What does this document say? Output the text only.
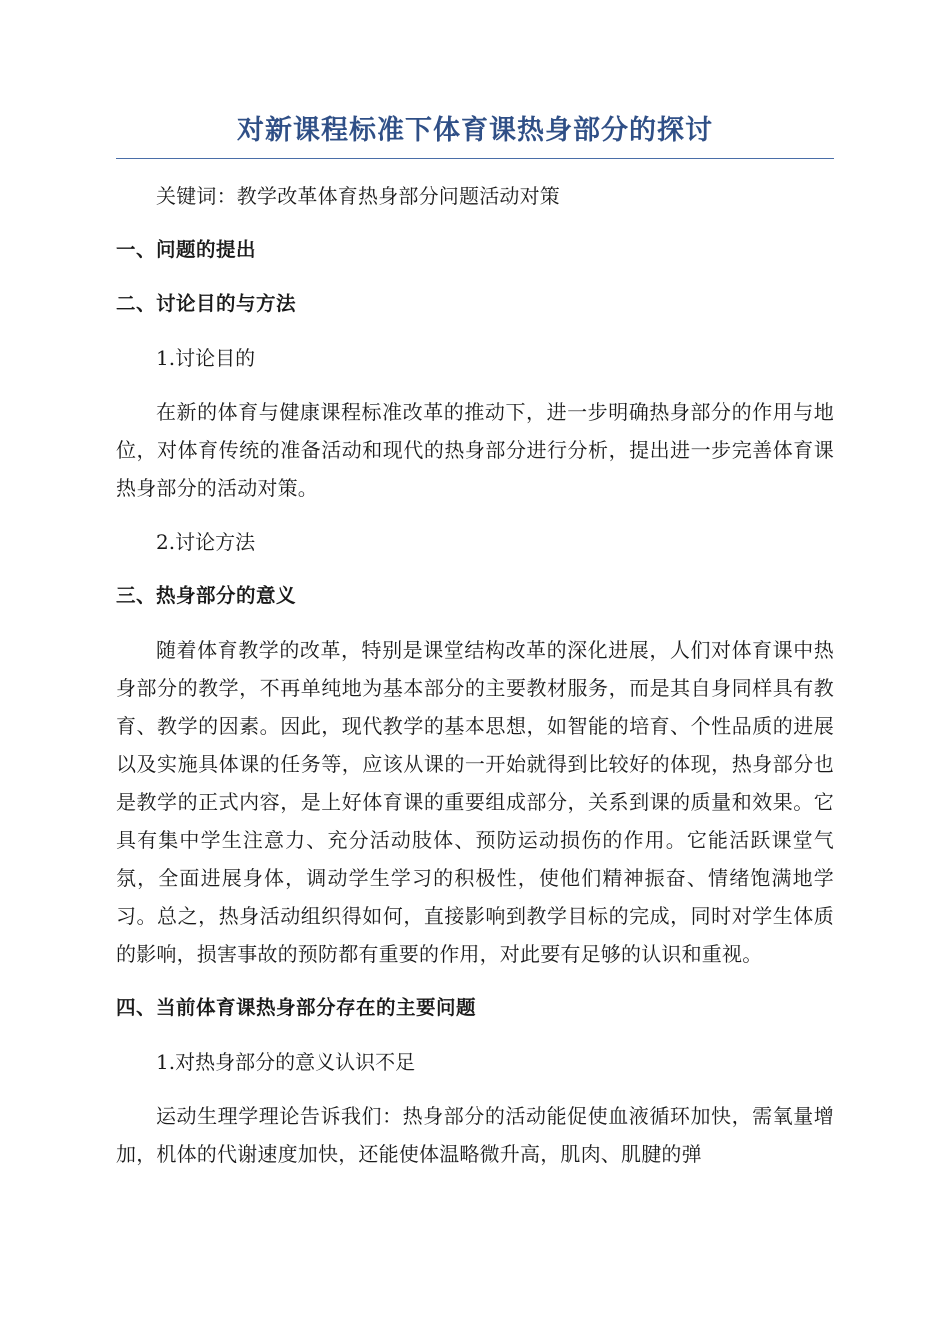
对新课程标准下体育课热身部分的探讨

关键词：教学改革体育热身部分问题活动对策

一、问题的提出
二、讨论目的与方法

1.讨论目的

在新的体育与健康课程标准改革的推动下，进一步明确热身部分的作用与地位，对体育传统的准备活动和现代的热身部分进行分析，提出进一步完善体育课热身部分的活动对策。

2.讨论方法

三、热身部分的意义

随着体育教学的改革，特别是课堂结构改革的深化进展，人们对体育课中热身部分的教学，不再单纯地为基本部分的主要教材服务，而是其自身同样具有教育、教学的因素。因此，现代教学的基本思想，如智能的培育、个性品质的进展以及实施具体课的任务等，应该从课的一开始就得到比较好的体现，热身部分也是教学的正式内容，是上好体育课的重要组成部分，关系到课的质量和效果。它具有集中学生注意力、充分活动肢体、预防运动损伤的作用。它能活跃课堂气氛，全面进展身体，调动学生学习的积极性，使他们精神振奋、情绪饱满地学习。总之，热身活动组织得如何，直接影响到教学目标的完成，同时对学生体质的影响，损害事故的预防都有重要的作用，对此要有足够的认识和重视。

四、当前体育课热身部分存在的主要问题

1.对热身部分的意义认识不足

运动生理学理论告诉我们：热身部分的活动能促使血液循环加快，需氧量增加，机体的代谢速度加快，还能使体温略微升高，肌肉、肌腱的弹
